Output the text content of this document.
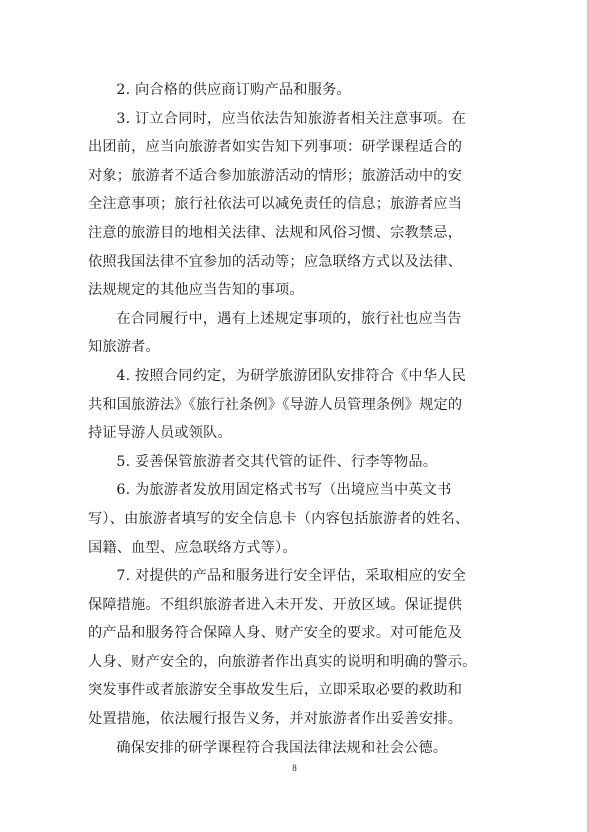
2. 向合格的供应商订购产品和服务。
3. 订立合同时，应当依法告知旅游者相关注意事项。在
出团前，应当向旅游者如实告知下列事项：研学课程适合的
对象；旅游者不适合参加旅游活动的情形；旅游活动中的安
全注意事项；旅行社依法可以减免责任的信息；旅游者应当
注意的旅游目的地相关法律、法规和风俗习惯、宗教禁忌，
依照我国法律不宜参加的活动等；应急联络方式以及法律、
法规规定的其他应当告知的事项。
在合同履行中，遇有上述规定事项的，旅行社也应当告
知旅游者。
4. 按照合同约定，为研学旅游团队安排符合《中华人民
共和国旅游法》《旅行社条例》《导游人员管理条例》规定的
持证导游人员或领队。
5. 妥善保管旅游者交其代管的证件、行李等物品。
6. 为旅游者发放用固定格式书写（出境应当中英文书
写）、由旅游者填写的安全信息卡（内容包括旅游者的姓名、
国籍、血型、应急联络方式等）。
7. 对提供的产品和服务进行安全评估，采取相应的安全
保障措施。不组织旅游者进入未开发、开放区域。保证提供
的产品和服务符合保障人身、财产安全的要求。对可能危及
人身、财产安全的，向旅游者作出真实的说明和明确的警示。
突发事件或者旅游安全事故发生后，立即采取必要的救助和
处置措施，依法履行报告义务，并对旅游者作出妥善安排。
确保安排的研学课程符合我国法律法规和社会公德。
8
